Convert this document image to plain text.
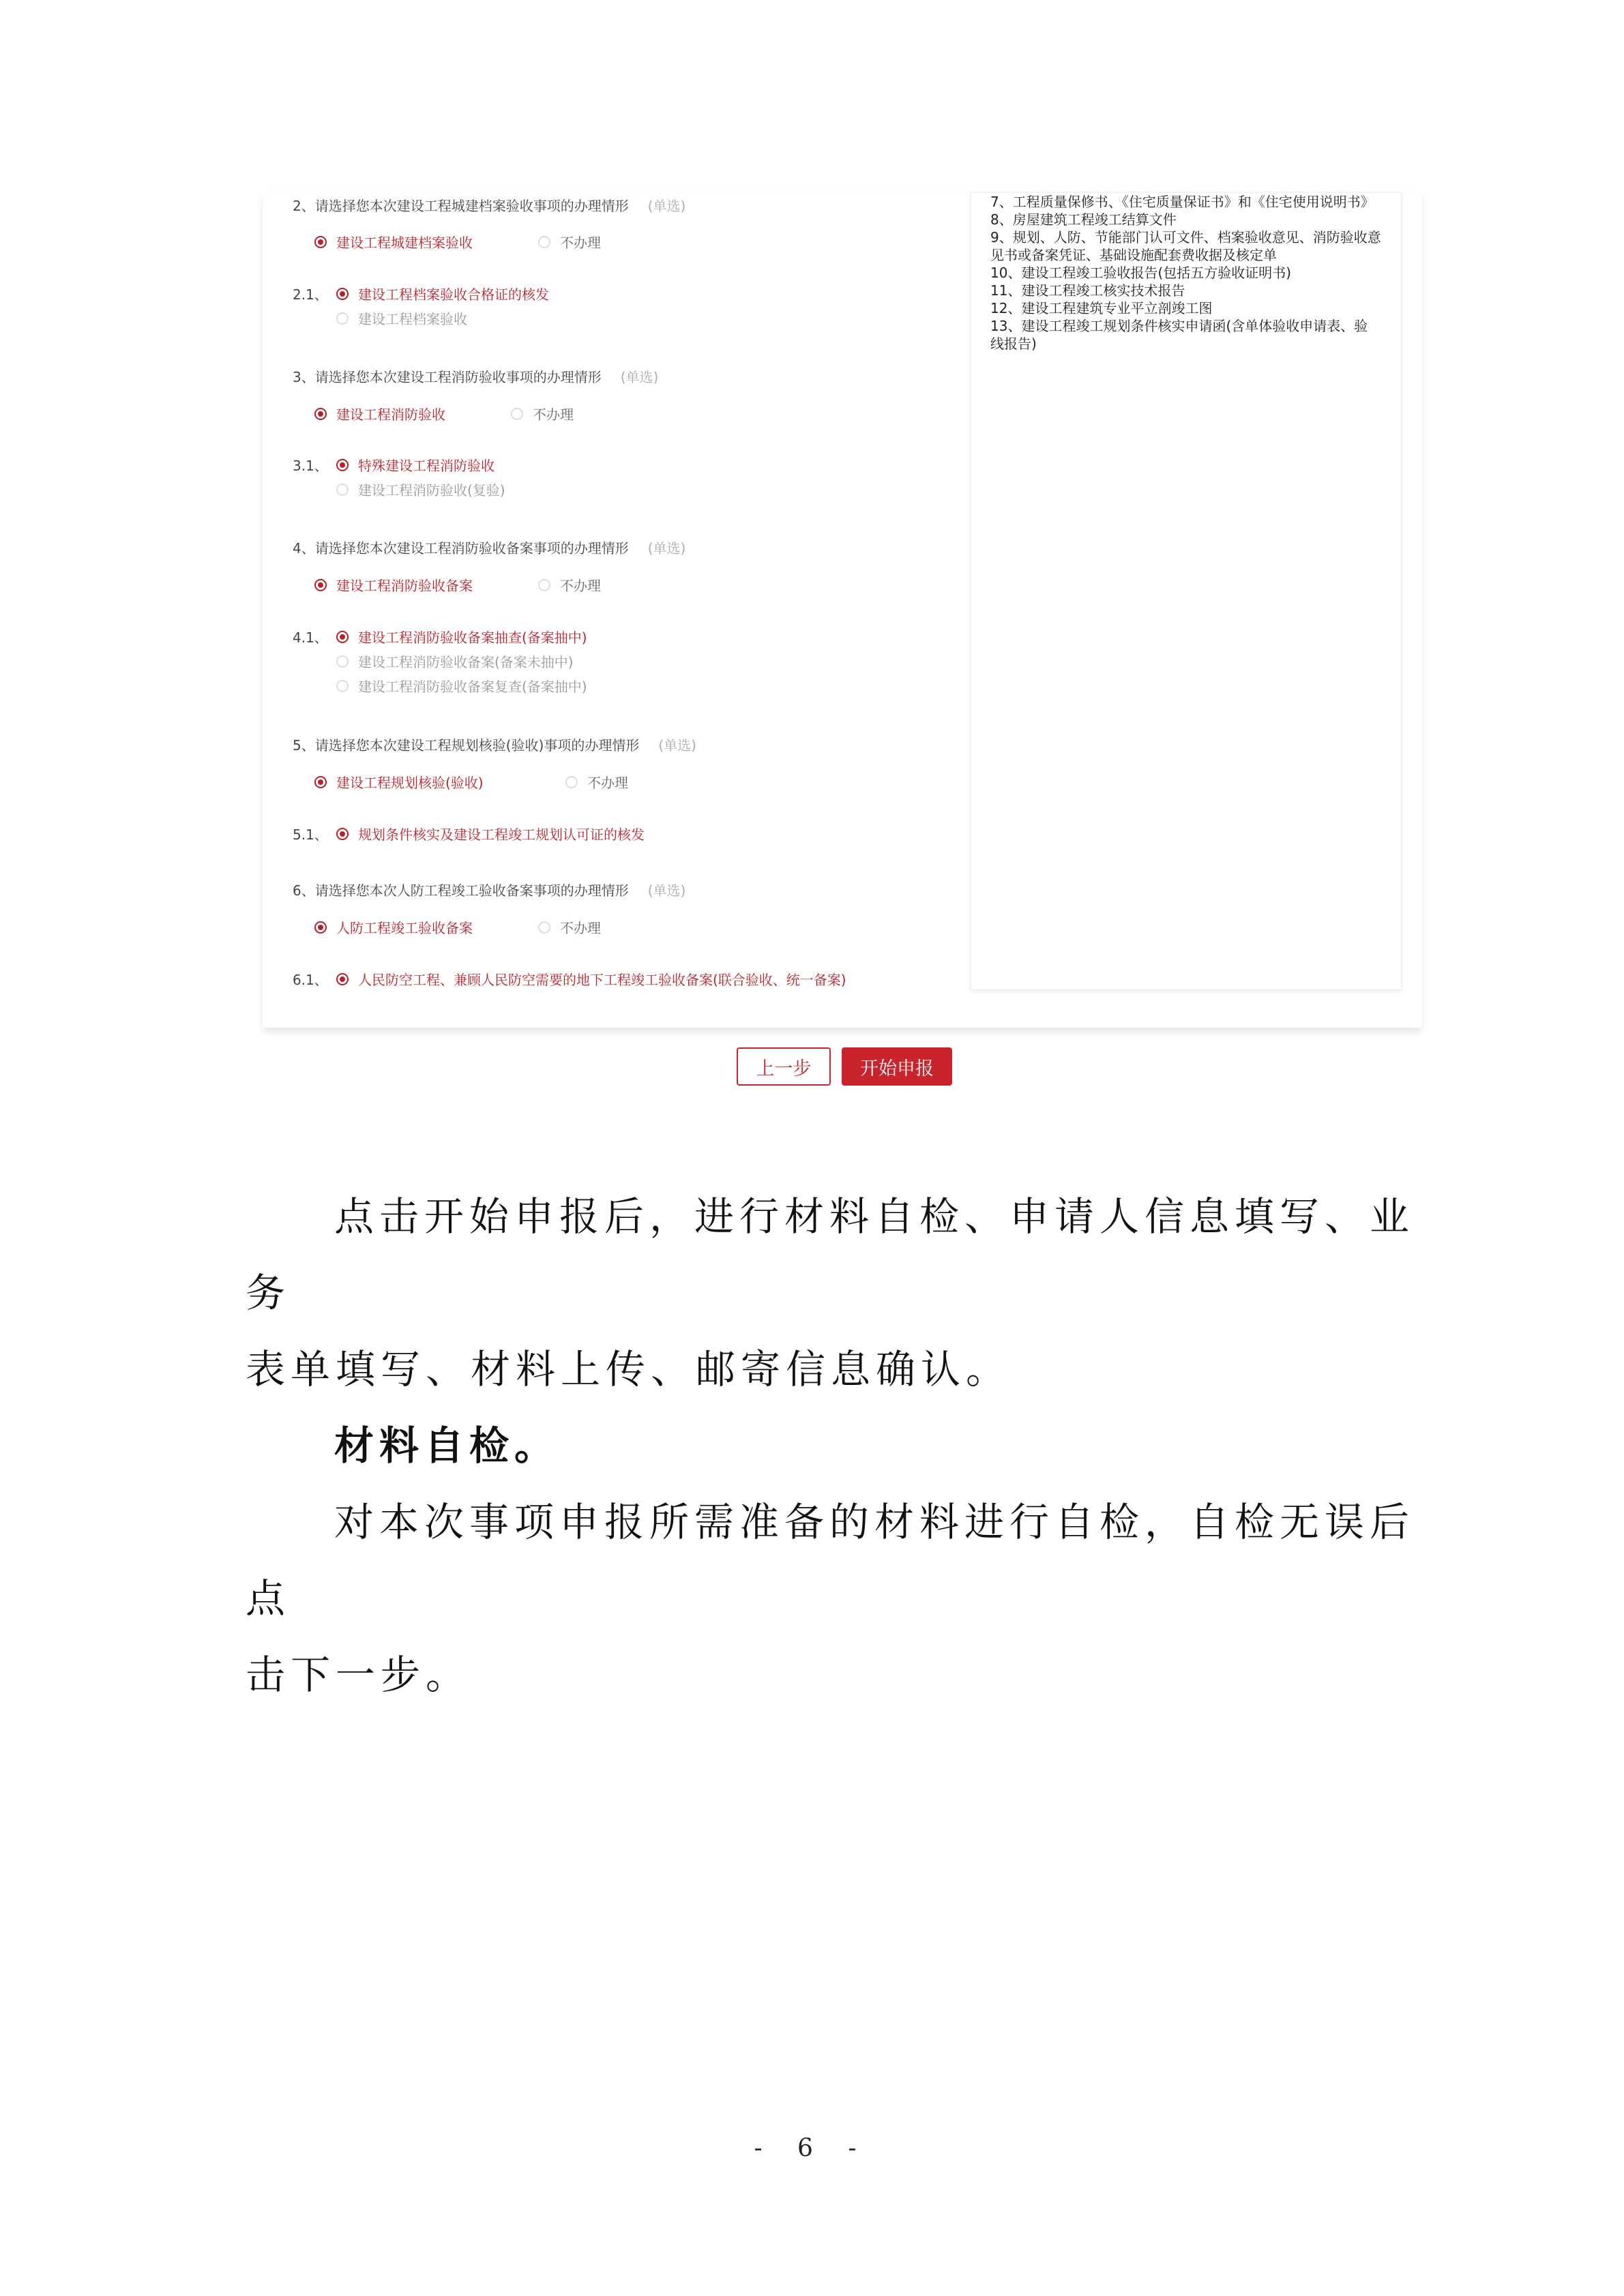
2、请选择您本次建设工程城建档案验收事项的办理情形 (单选)
建设工程城建档案验收	不办理
2.1、 建设工程档案验收合格证的核发
建设工程档案验收
3、请选择您本次建设工程消防验收事项的办理情形 (单选)
建设工程消防验收	不办理
3.1、 特殊建设工程消防验收
建设工程消防验收(复验)
4、请选择您本次建设工程消防验收备案事项的办理情形 (单选)
建设工程消防验收备案	不办理
4.1、 建设工程消防验收备案抽查(备案抽中)
建设工程消防验收备案(备案未抽中)
建设工程消防验收备案复查(备案抽中)
5、请选择您本次建设工程规划核验(验收)事项的办理情形 (单选)
建设工程规划核验(验收)	不办理
5.1、 规划条件核实及建设工程竣工规划认可证的核发
6、请选择您本次人防工程竣工验收备案事项的办理情形 (单选)
人防工程竣工验收备案	不办理
6.1、 人民防空工程、兼顾人民防空需要的地下工程竣工验收备案(联合验收、统一备案)
7、工程质量保修书、《住宅质量保证书》和《住宅使用说明书》
8、房屋建筑工程竣工结算文件
9、规划、人防、节能部门认可文件、档案验收意见、消防验收意
见书或备案凭证、基础设施配套费收据及核定单
10、建设工程竣工验收报告(包括五方验收证明书)
11、建设工程竣工核实技术报告
12、建设工程建筑专业平立剖竣工图
13、建设工程竣工规划条件核实申请函(含单体验收申请表、验
线报告)
上一步	开始申报

点击开始申报后，进行材料自检、申请人信息填写、业务

表单填写、材料上传、邮寄信息确认。

材料自检。

对本次事项申报所需准备的材料进行自检，自检无误后点

击下一步。

- 6 -
